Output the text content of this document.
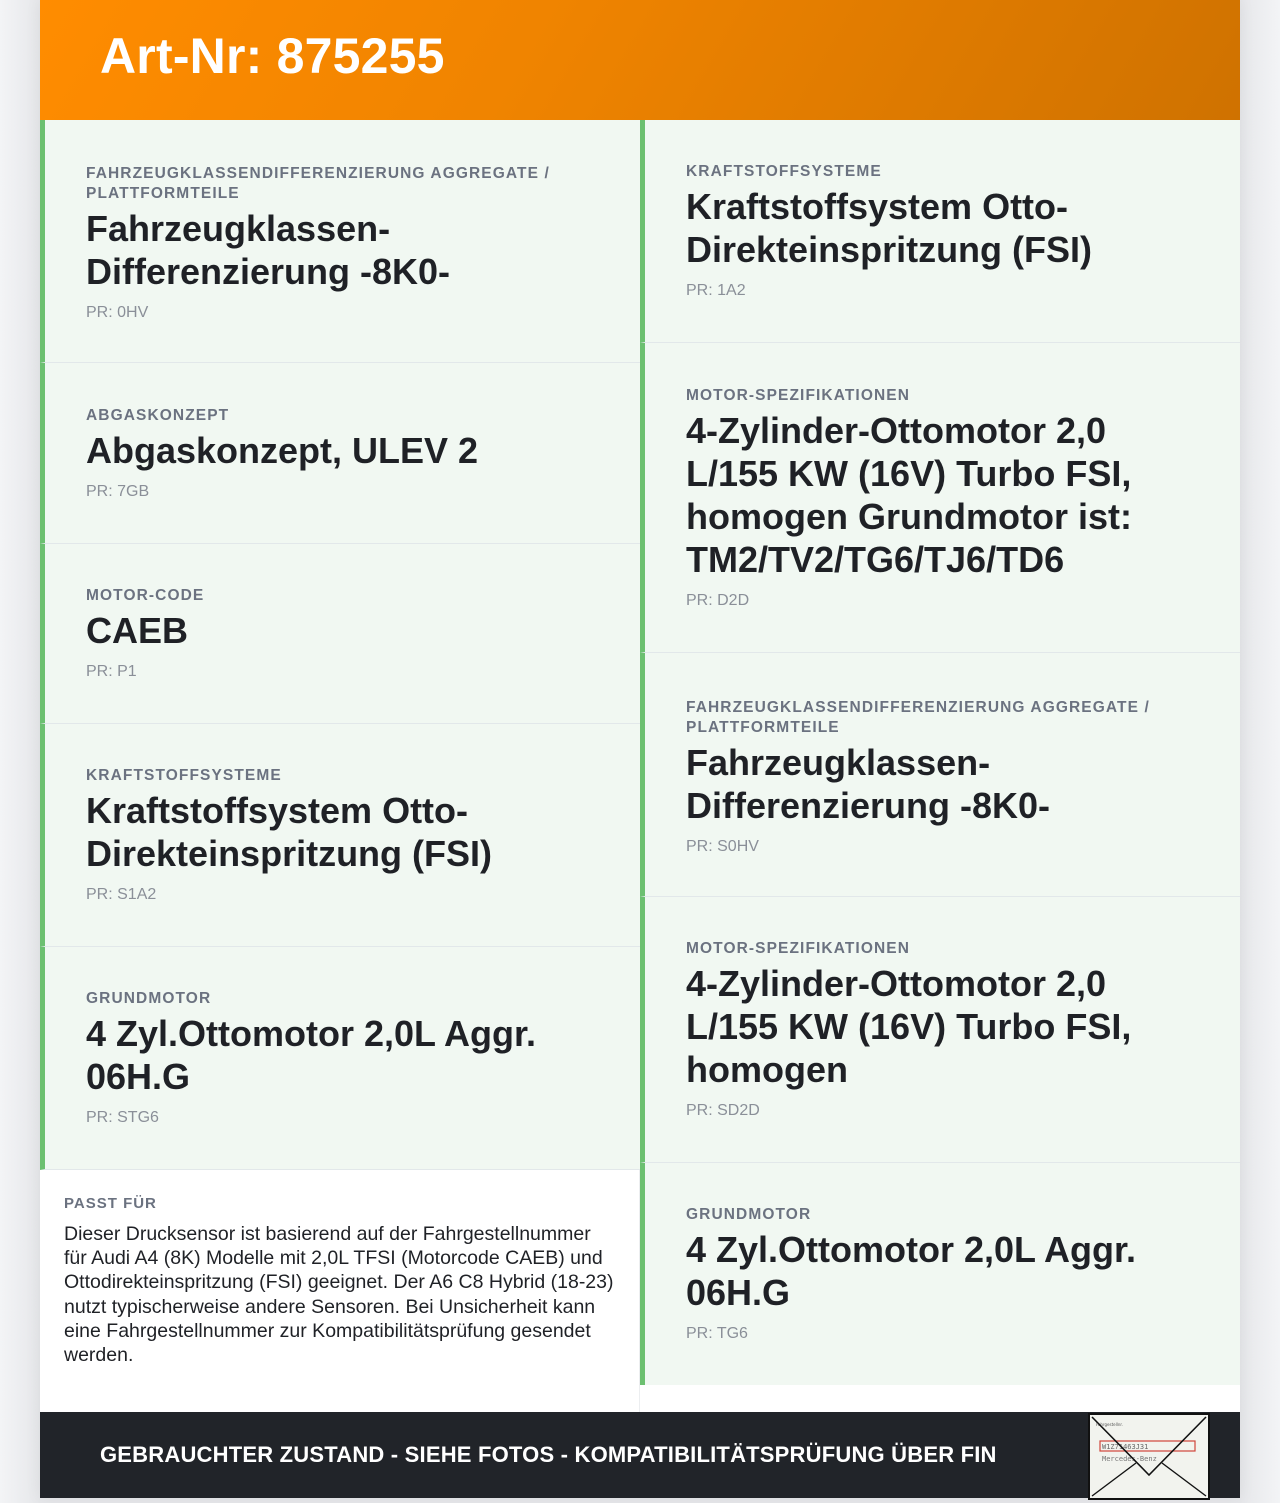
Art-Nr: 875255
FAHRZEUGKLASSENDIFFERENZIERUNG AGGREGATE / PLATTFORMTEILE
Fahrzeugklassen-Differenzierung -8K0-
PR: 0HV
ABGASKONZEPT
Abgaskonzept, ULEV 2
PR: 7GB
MOTOR-CODE
CAEB
PR: P1
KRAFTSTOFFSYSTEME
Kraftstoffsystem Otto-Direkteinspritzung (FSI)
PR: S1A2
GRUNDMOTOR
4 Zyl.Ottomotor 2,0L Aggr. 06H.G
PR: STG6
KRAFTSTOFFSYSTEME
Kraftstoffsystem Otto-Direkteinspritzung (FSI)
PR: 1A2
MOTOR-SPEZIFIKATIONEN
4-Zylinder-Ottomotor 2,0 L/155 KW (16V) Turbo FSI, homogen Grundmotor ist: TM2/TV2/TG6/TJ6/TD6
PR: D2D
FAHRZEUGKLASSENDIFFERENZIERUNG AGGREGATE / PLATTFORMTEILE
Fahrzeugklassen-Differenzierung -8K0-
PR: S0HV
MOTOR-SPEZIFIKATIONEN
4-Zylinder-Ottomotor 2,0 L/155 KW (16V) Turbo FSI, homogen
PR: SD2D
GRUNDMOTOR
4 Zyl.Ottomotor 2,0L Aggr. 06H.G
PR: TG6
PASST FÜR

Dieser Drucksensor ist basierend auf der Fahrgestellnummer für Audi A4 (8K) Modelle mit 2,0L TFSI (Motorcode CAEB) und Ottodirekteinspritzung (FSI) geeignet. Der A6 C8 Hybrid (18-23) nutzt typischerweise andere Sensoren. Bei Unsicherheit kann eine Fahrgestellnummer zur Kompatibilitätsprüfung gesendet werden.

GEBRAUCHTER ZUSTAND - SIEHE FOTOS - KOMPATIBILITÄTSPRÜFUNG ÜBER FIN
Fahrgestellnr.
W1Z71463J31
Mercedes-Benz
